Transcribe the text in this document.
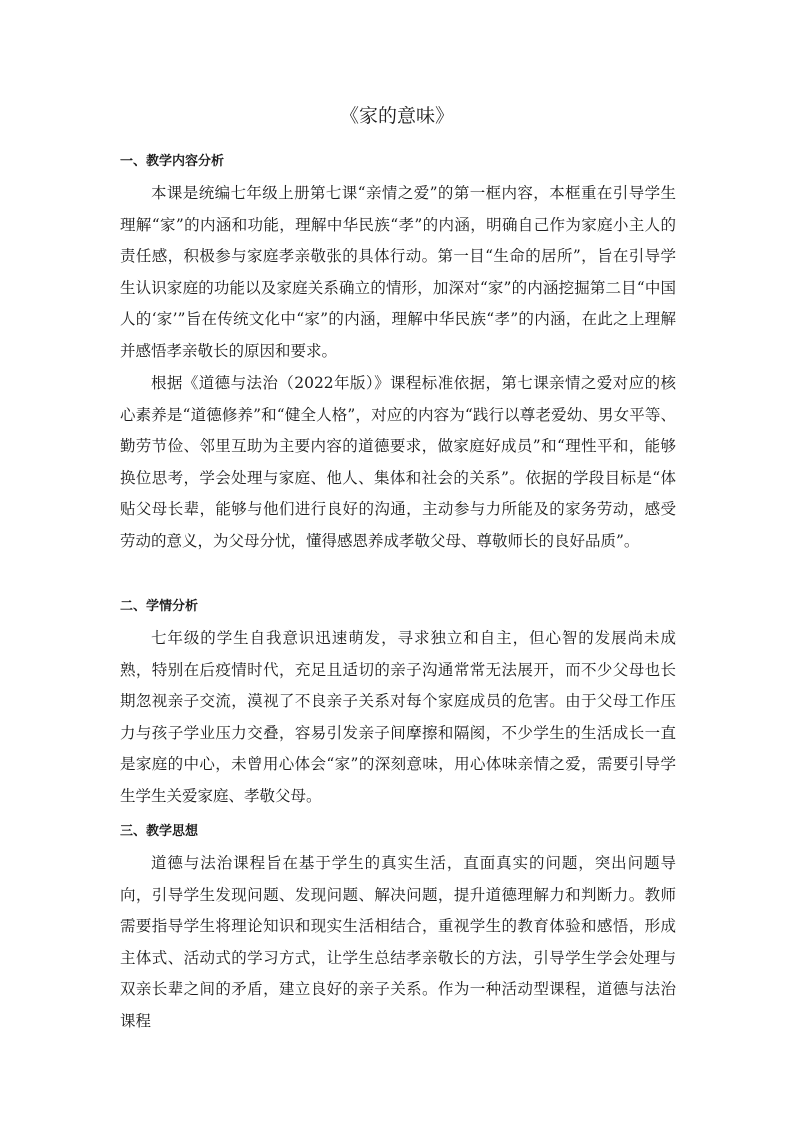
《家的意味》
一、教学内容分析

本课是统编七年级上册第七课“亲情之爱”的第一框内容，本框重在引导学生理解“家”的内涵和功能，理解中华民族“孝”的内涵，明确自己作为家庭小主人的责任感，积极参与家庭孝亲敬张的具体行动。第一目“生命的居所”，旨在引导学生认识家庭的功能以及家庭关系确立的情形，加深对“家”的内涵挖掘第二目“中国人的‘家’”旨在传统文化中“家”的内涵，理解中华民族“孝”的内涵，在此之上理解并感悟孝亲敬长的原因和要求。

根据《道德与法治（2022年版）》课程标准依据，第七课亲情之爱对应的核心素养是“道德修养”和“健全人格”，对应的内容为“践行以尊老爱幼、男女平等、勤劳节俭、邻里互助为主要内容的道德要求，做家庭好成员”和“理性平和，能够换位思考，学会处理与家庭、他人、集体和社会的关系”。依据的学段目标是“体贴父母长辈，能够与他们进行良好的沟通，主动参与力所能及的家务劳动，感受劳动的意义，为父母分忧，懂得感恩养成孝敬父母、尊敬师长的良好品质”。

二、学情分析

七年级的学生自我意识迅速萌发，寻求独立和自主，但心智的发展尚未成熟，特别在后疫情时代，充足且适切的亲子沟通常常无法展开，而不少父母也长期忽视亲子交流，漠视了不良亲子关系对每个家庭成员的危害。由于父母工作压力与孩子学业压力交叠，容易引发亲子间摩擦和隔阂，不少学生的生活成长一直是家庭的中心，未曾用心体会“家”的深刻意味，用心体味亲情之爱，需要引导学生学生关爱家庭、孝敬父母。

三、教学思想

道德与法治课程旨在基于学生的真实生活，直面真实的问题，突出问题导向，引导学生发现问题、发现问题、解决问题，提升道德理解力和判断力。教师需要指导学生将理论知识和现实生活相结合，重视学生的教育体验和感悟，形成主体式、活动式的学习方式，让学生总结孝亲敬长的方法，引导学生学会处理与双亲长辈之间的矛盾，建立良好的亲子关系。作为一种活动型课程，道德与法治课程
